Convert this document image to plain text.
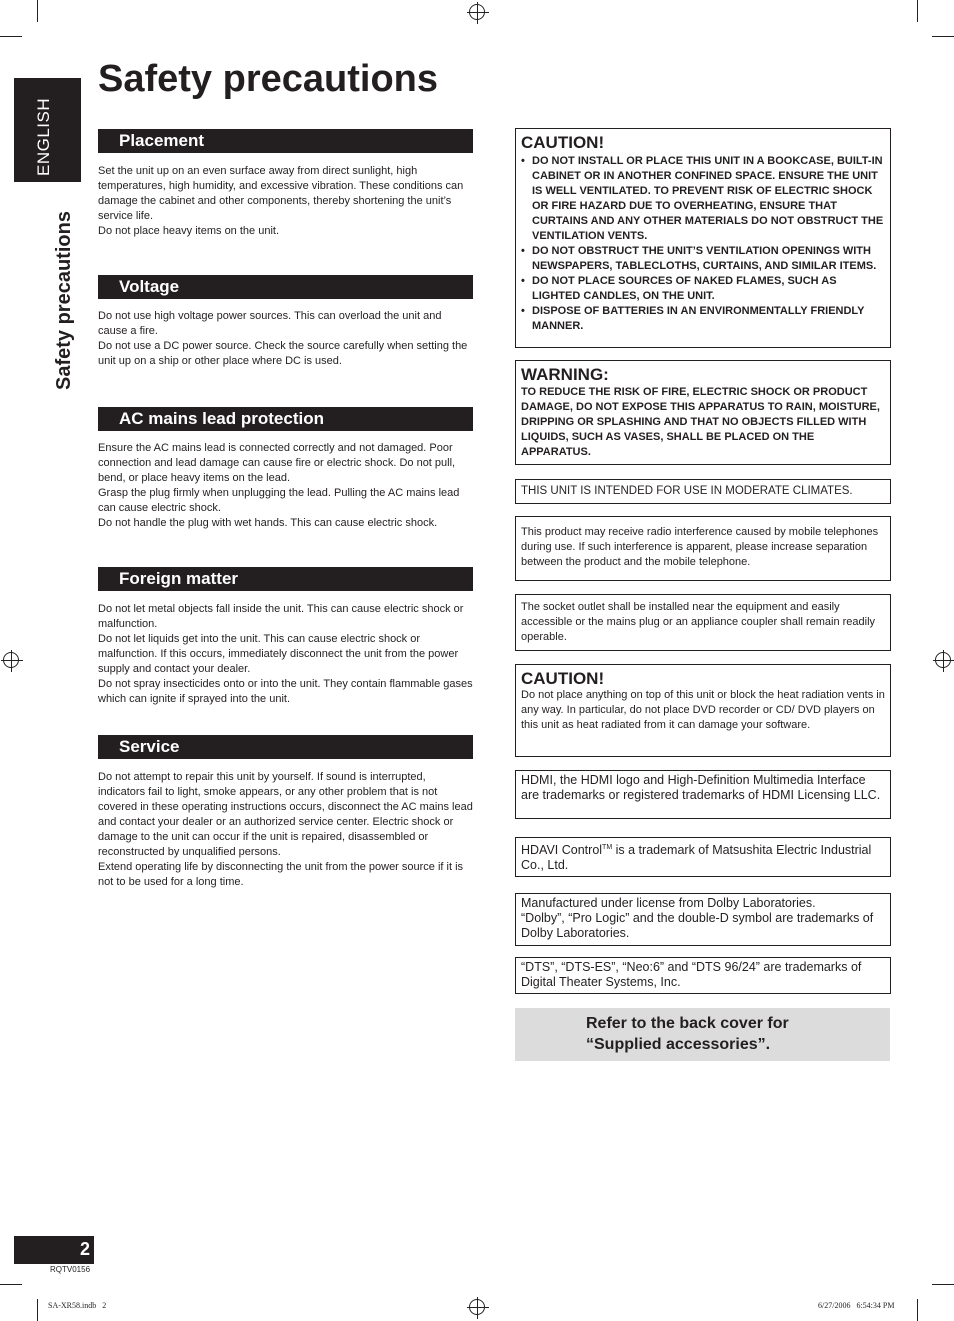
ENGLISH
Safety precautions
Safety precautions
Placement

Set the unit up on an even surface away from direct sunlight, high temperatures, high humidity, and excessive vibration. These conditions can damage the cabinet and other components, thereby shortening the unit’s service life.

Do not place heavy items on the unit.

Voltage

Do not use high voltage power sources. This can overload the unit and cause a fire.

Do not use a DC power source. Check the source carefully when setting the unit up on a ship or other place where DC is used.

AC mains lead protection

Ensure the AC mains lead is connected correctly and not damaged. Poor connection and lead damage can cause fire or electric shock. Do not pull, bend, or place heavy items on the lead.

Grasp the plug firmly when unplugging the lead. Pulling the AC mains lead can cause electric shock.

Do not handle the plug with wet hands. This can cause electric shock.

Foreign matter

Do not let metal objects fall inside the unit. This can cause electric shock or malfunction.

Do not let liquids get into the unit. This can cause electric shock or malfunction. If this occurs, immediately disconnect the unit from the power supply and contact your dealer.

Do not spray insecticides onto or into the unit. They contain flammable gases which can ignite if sprayed into the unit.

Service

Do not attempt to repair this unit by yourself. If sound is interrupted, indicators fail to light, smoke appears, or any other problem that is not covered in these operating instructions occurs, disconnect the AC mains lead and contact your dealer or an authorized service center. Electric shock or damage to the unit can occur if the unit is repaired, disassembled or reconstructed by unqualified persons.

Extend operating life by disconnecting the unit from the power source if it is not to be used for a long time.

CAUTION!

• DO NOT INSTALL OR PLACE THIS UNIT IN A BOOKCASE, BUILT-IN CABINET OR IN ANOTHER CONFINED SPACE. ENSURE THE UNIT IS WELL VENTILATED. TO PREVENT RISK OF ELECTRIC SHOCK OR FIRE HAZARD DUE TO OVERHEATING, ENSURE THAT CURTAINS AND ANY OTHER MATERIALS DO NOT OBSTRUCT THE VENTILATION VENTS.
• DO NOT OBSTRUCT THE UNIT’S VENTILATION OPENINGS WITH NEWSPAPERS, TABLECLOTHS, CURTAINS, AND SIMILAR ITEMS.
• DO NOT PLACE SOURCES OF NAKED FLAMES, SUCH AS LIGHTED CANDLES, ON THE UNIT.
• DISPOSE OF BATTERIES IN AN ENVIRONMENTALLY FRIENDLY MANNER.

WARNING:

TO REDUCE THE RISK OF FIRE, ELECTRIC SHOCK OR PRODUCT DAMAGE, DO NOT EXPOSE THIS APPARATUS TO RAIN, MOISTURE, DRIPPING OR SPLASHING AND THAT NO OBJECTS FILLED WITH LIQUIDS, SUCH AS VASES, SHALL BE PLACED ON THE APPARATUS.

THIS UNIT IS INTENDED FOR USE IN MODERATE CLIMATES.

This product may receive radio interference caused by mobile telephones during use. If such interference is apparent, please increase separation between the product and the mobile telephone.

The socket outlet shall be installed near the equipment and easily accessible or the mains plug or an appliance coupler shall remain readily operable.

CAUTION!

Do not place anything on top of this unit or block the heat radiation vents in any way. In particular, do not place DVD recorder or CD/ DVD players on this unit as heat radiated from it can damage your software.

HDMI, the HDMI logo and High-Definition Multimedia Interface are trademarks or registered trademarks of HDMI Licensing LLC.

HDAVI Control™ is a trademark of Matsushita Electric Industrial Co., Ltd.

Manufactured under license from Dolby Laboratories.

“Dolby”, “Pro Logic” and the double-D symbol are trademarks of Dolby Laboratories.

“DTS”, “DTS-ES”, “Neo:6” and “DTS 96/24” are trademarks of Digital Theater Systems, Inc.

Refer to the back cover for
“Supplied accessories”.
2
RQTV0156
SA-XR58.indb   2	6/27/2006   6:54:34 PM
